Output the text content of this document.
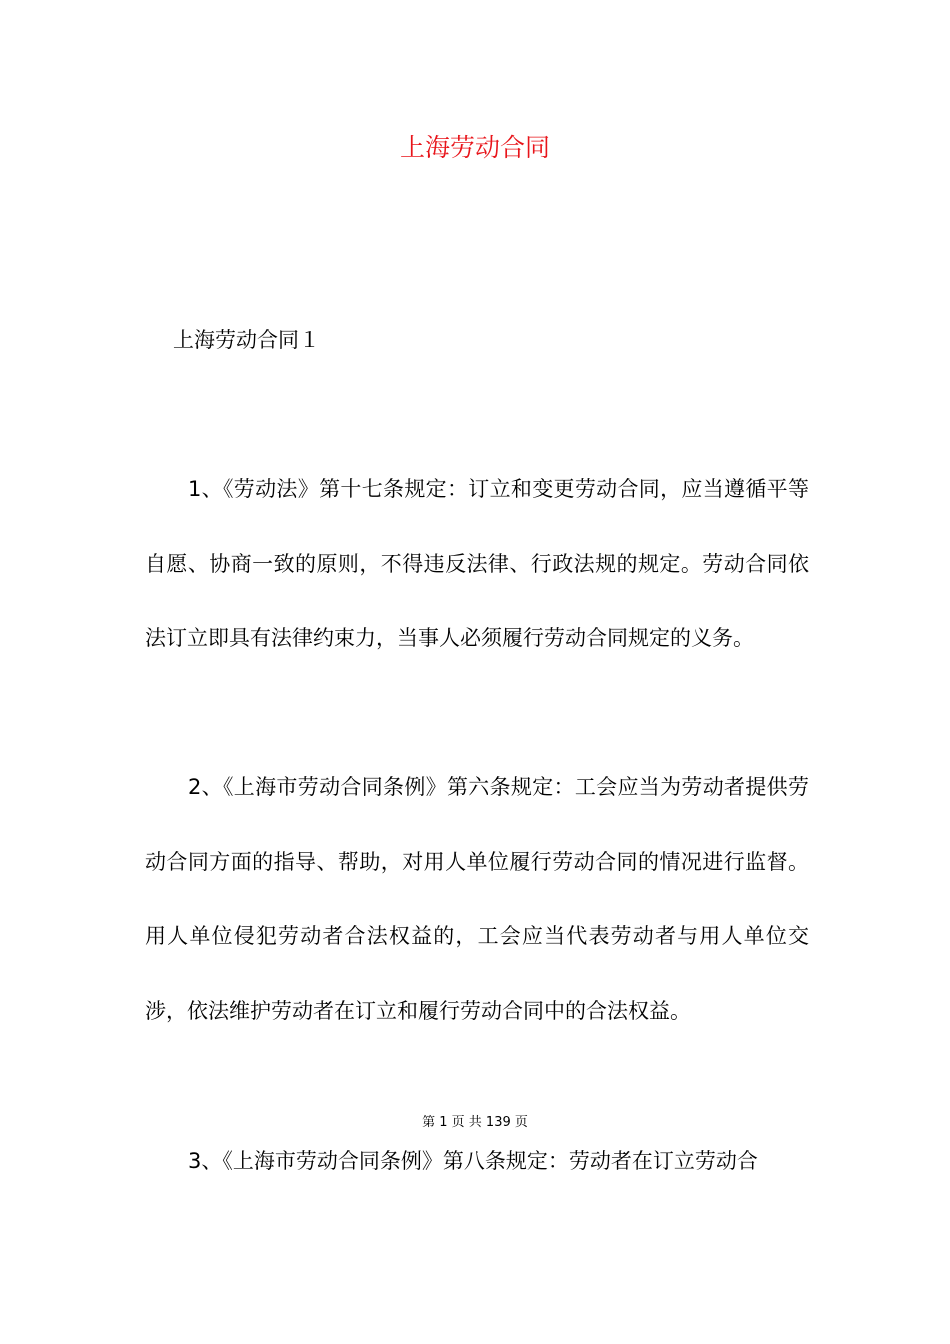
上海劳动合同

上海劳动合同１

1、《劳动法》第十七条规定：订立和变更劳动合同，应当遵循平等自愿、协商一致的原则，不得违反法律、行政法规的规定。劳动合同依法订立即具有法律约束力，当事人必须履行劳动合同规定的义务。

2、《上海市劳动合同条例》第六条规定：工会应当为劳动者提供劳动合同方面的指导、帮助，对用人单位履行劳动合同的情况进行监督。用人单位侵犯劳动者合法权益的，工会应当代表劳动者与用人单位交涉，依法维护劳动者在订立和履行劳动合同中的合法权益。

第 1 页 共 139 页

3、《上海市劳动合同条例》第八条规定：劳动者在订立劳动合
